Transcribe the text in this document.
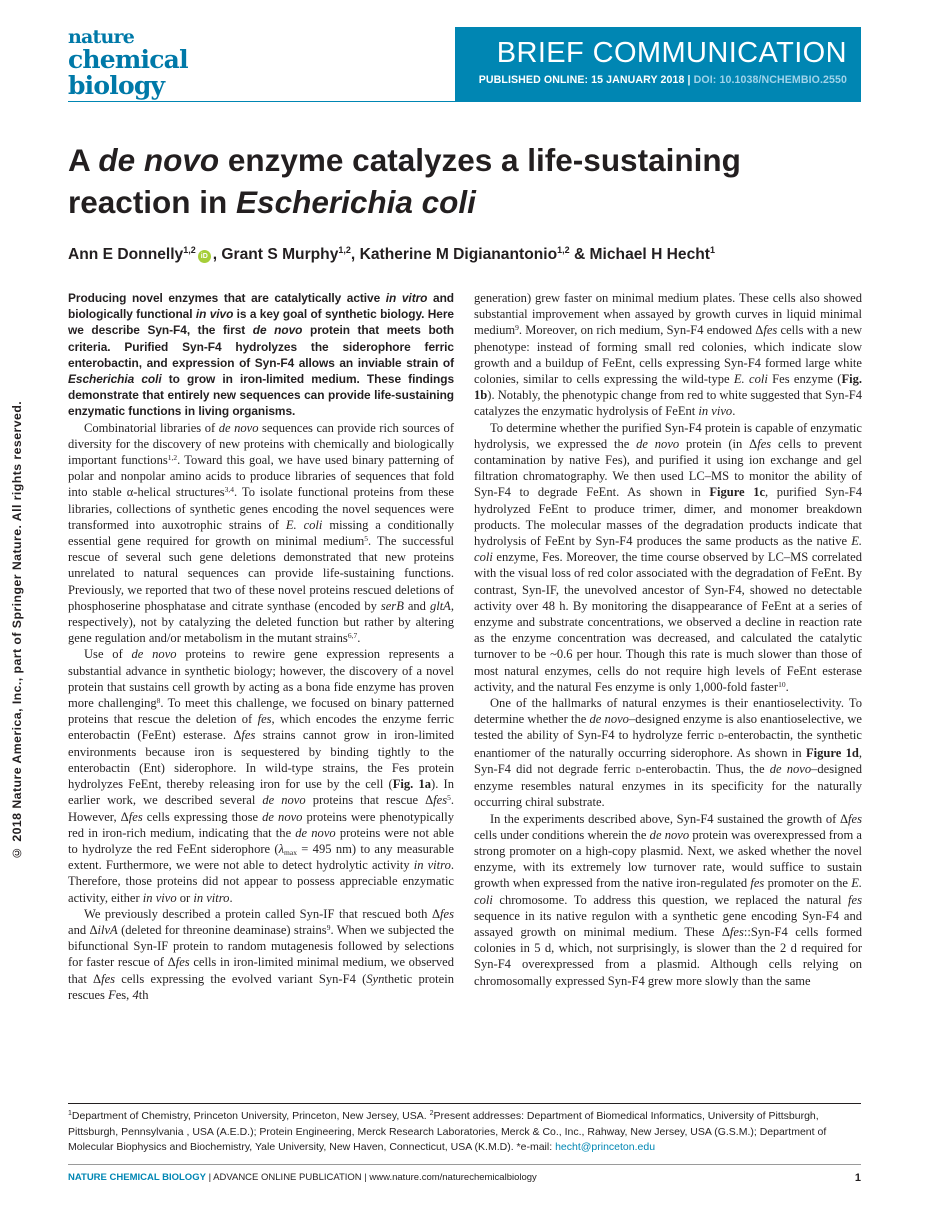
© 2018 Nature America, Inc., part of Springer Nature. All rights reserved.
nature
chemical biology
BRIEF COMMUNICATION
PUBLISHED ONLINE: 15 JANUARY 2018 | DOI: 10.1038/NCHEMBIO.2550
A de novo enzyme catalyzes a life-sustaining reaction in Escherichia coli
Ann E Donnelly$^{1,2}$iD , Grant S Murphy$^{1,2}$, Katherine M Digianantonio$^{1,2}$ & Michael H Hecht$^1$

Producing novel enzymes that are catalytically active in vitro and biologically functional in vivo is a key goal of synthetic biology. Here we describe Syn-F4, the first de novo protein that meets both criteria. Purified Syn-F4 hydrolyzes the siderophore ferric enterobactin, and expression of Syn-F4 allows an inviable strain of Escherichia coli to grow in iron-limited medium. These findings demonstrate that entirely new sequences can provide life-sustaining enzymatic functions in living organisms.

Combinatorial libraries of de novo sequences can provide rich sources of diversity for the discovery of new proteins with chemically and biologically important functions$^{1,2}$. Toward this goal, we have used binary patterning of polar and nonpolar amino acids to produce libraries of sequences that fold into stable α-helical structures$^{3,4}$. To isolate functional proteins from these libraries, collections of synthetic genes encoding the novel sequences were transformed into auxotrophic strains of E. coli missing a conditionally essential gene required for growth on minimal medium$^5$. The successful rescue of several such gene deletions demonstrated that new proteins unrelated to natural sequences can provide life-sustaining functions. Previously, we reported that two of these novel proteins rescued deletions of phosphoserine phosphatase and citrate synthase (encoded by serB and gltA, respectively), not by catalyzing the deleted function but rather by altering gene regulation and/or metabolism in the mutant strains$^{6,7}$.

Use of de novo proteins to rewire gene expression represents a substantial advance in synthetic biology; however, the discovery of a novel protein that sustains cell growth by acting as a bona fide enzyme has proven more challenging$^8$. To meet this challenge, we focused on binary patterned proteins that rescue the deletion of fes, which encodes the enzyme ferric enterobactin (FeEnt) esterase. Δfes strains cannot grow in iron-limited environments because iron is sequestered by binding tightly to the enterobactin (Ent) siderophore. In wild-type strains, the Fes protein hydrolyzes FeEnt, thereby releasing iron for use by the cell (Fig. 1a). In earlier work, we described several de novo proteins that rescue Δfes$^5$. However, Δfes cells expressing those de novo proteins were phenotypically red in iron-rich medium, indicating that the de novo proteins were not able to hydrolyze the red FeEnt siderophore ($\lambda_{max} = 495$ nm) to any measurable extent. Furthermore, we were not able to detect hydrolytic activity in vitro. Therefore, those proteins did not appear to possess appreciable enzymatic activity, either in vivo or in vitro.

We previously described a protein called Syn-IF that rescued both Δfes and ΔilvA (deleted for threonine deaminase) strains$^9$. When we subjected the bifunctional Syn-IF protein to random mutagenesis followed by selections for faster rescue of Δfes cells in iron-limited minimal medium, we observed that Δfes cells expressing the evolved variant Syn-F4 (Synthetic protein rescues Fes, 4th

generation) grew faster on minimal medium plates. These cells also showed substantial improvement when assayed by growth curves in liquid minimal medium$^9$. Moreover, on rich medium, Syn-F4 endowed Δfes cells with a new phenotype: instead of forming small red colonies, which indicate slow growth and a buildup of FeEnt, cells expressing Syn-F4 formed large white colonies, similar to cells expressing the wild-type E. coli Fes enzyme (Fig. 1b). Notably, the phenotypic change from red to white suggested that Syn-F4 catalyzes the enzymatic hydrolysis of FeEnt in vivo.

To determine whether the purified Syn-F4 protein is capable of enzymatic hydrolysis, we expressed the de novo protein (in Δfes cells to prevent contamination by native Fes), and purified it using ion exchange and gel filtration chromatography. We then used LC–MS to monitor the ability of Syn-F4 to degrade FeEnt. As shown in Figure 1c, purified Syn-F4 hydrolyzed FeEnt to produce trimer, dimer, and monomer breakdown products. The molecular masses of the degradation products indicate that hydrolysis of FeEnt by Syn-F4 produces the same products as the native E. coli enzyme, Fes. Moreover, the time course observed by LC–MS correlated with the visual loss of red color associated with the degradation of FeEnt. By contrast, Syn-IF, the unevolved ancestor of Syn-F4, showed no detectable activity over 48 h. By monitoring the disappearance of FeEnt at a series of enzyme and substrate concentrations, we observed a decline in reaction rate as the enzyme concentration was decreased, and calculated the catalytic turnover to be ~0.6 per hour. Though this rate is much slower than those of most natural enzymes, cells do not require high levels of FeEnt esterase activity, and the natural Fes enzyme is only 1,000-fold faster$^{10}$.

One of the hallmarks of natural enzymes is their enantioselectivity. To determine whether the de novo–designed enzyme is also enantioselective, we tested the ability of Syn-F4 to hydrolyze ferric d-enterobactin, the synthetic enantiomer of the naturally occurring siderophore. As shown in Figure 1d, Syn-F4 did not degrade ferric d-enterobactin. Thus, the de novo–designed enzyme resembles natural enzymes in its specificity for the naturally occurring chiral substrate.

In the experiments described above, Syn-F4 sustained the growth of Δfes cells under conditions wherein the de novo protein was overexpressed from a strong promoter on a high-copy plasmid. Next, we asked whether the novel enzyme, with its extremely low turnover rate, would suffice to sustain growth when expressed from the native iron-regulated fes promoter on the E. coli chromosome. To address this question, we replaced the natural fes sequence in its native regulon with a synthetic gene encoding Syn-F4 and assayed growth on minimal medium. These Δfes::Syn-F4 cells formed colonies in 5 d, which, not surprisingly, is slower than the 2 d required for Syn-F4 overexpressed from a plasmid. Although cells relying on chromosomally expressed Syn-F4 grew more slowly than the same

$^1$Department of Chemistry, Princeton University, Princeton, New Jersey, USA. $^2$Present addresses: Department of Biomedical Informatics, University of Pittsburgh, Pittsburgh, Pennsylvania , USA (A.E.D.); Protein Engineering, Merck Research Laboratories, Merck & Co., Inc., Rahway, New Jersey, USA (G.S.M.); Department of Molecular Biophysics and Biochemistry, Yale University, New Haven, Connecticut, USA (K.M.D). *e-mail: hecht@princeton.edu
NATURE CHEMICAL BIOLOGY | ADVANCE ONLINE PUBLICATION | www.nature.com/naturechemicalbiology	1
